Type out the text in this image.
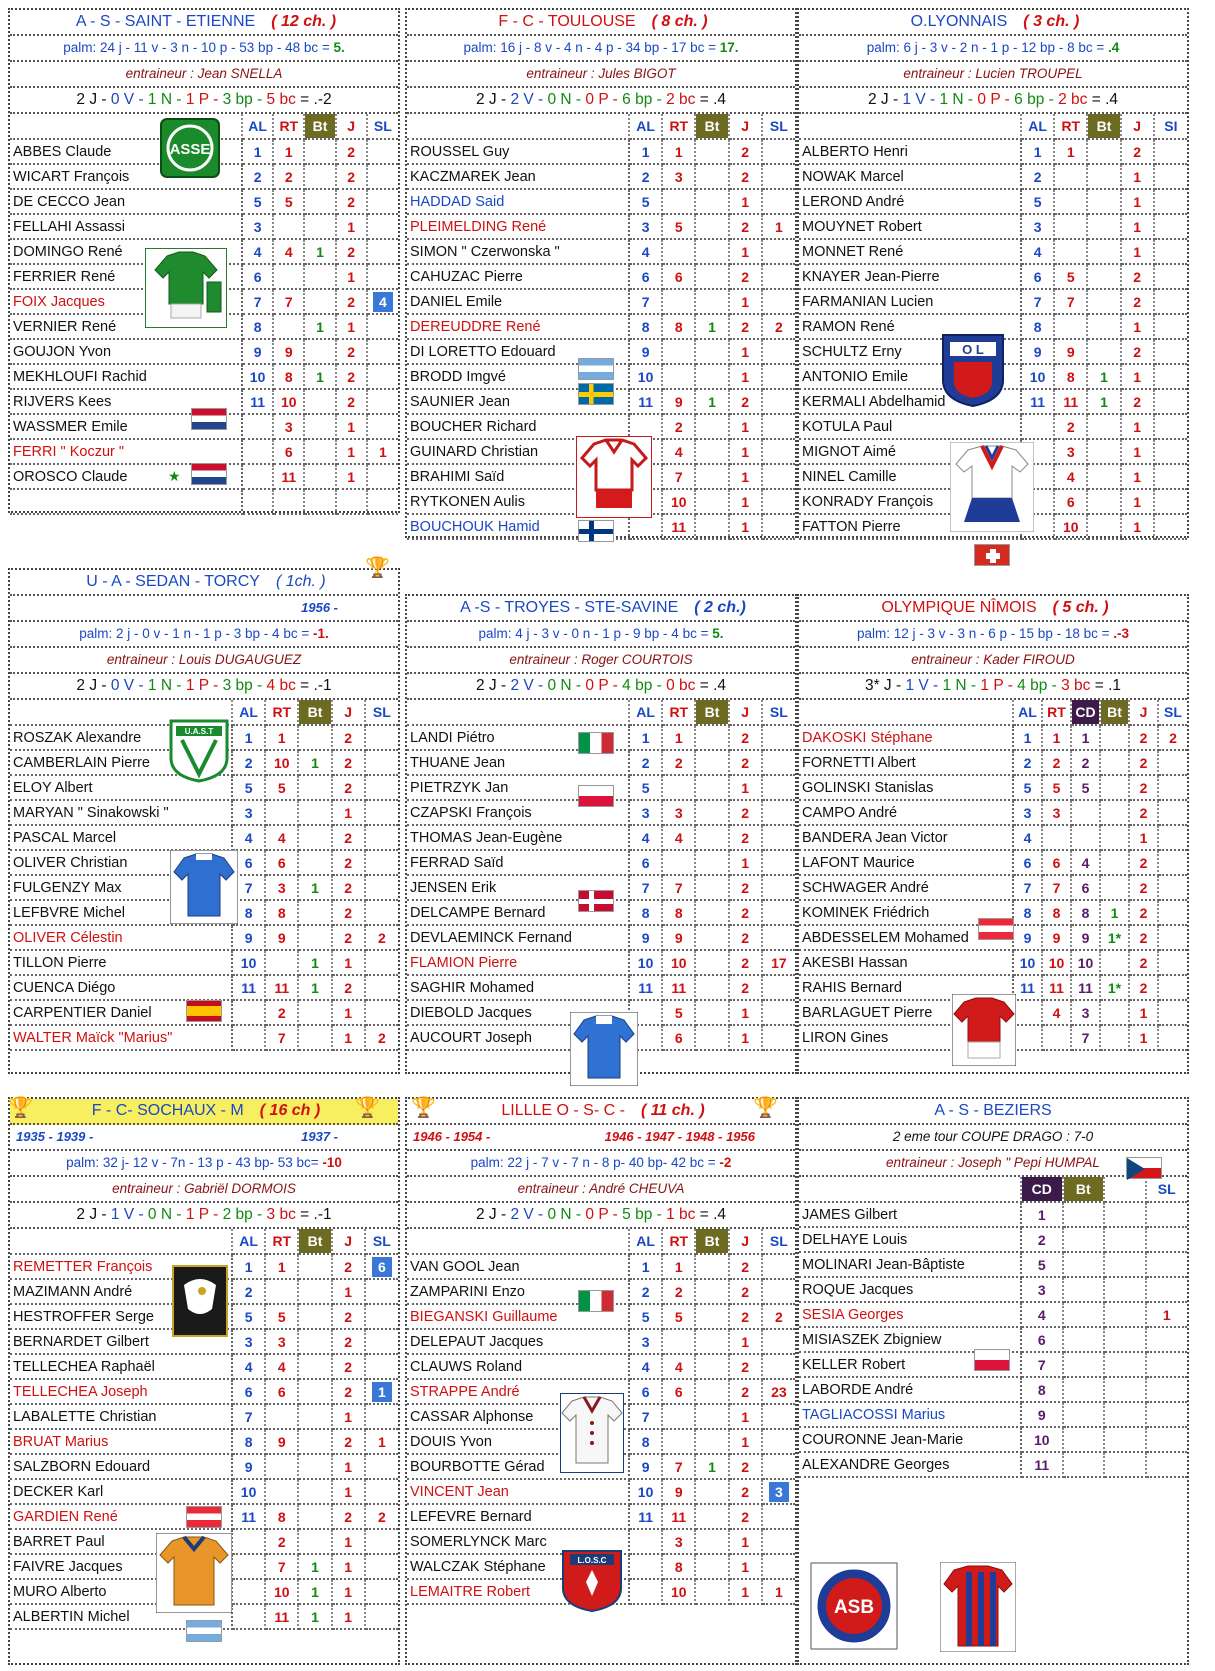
A - S - SAINT - ETIENNE ( 12 ch. )
palm: 24 j - 11 v - 3 n - 10 p - 53 bp - 48 bc = 5.
entraineur : Jean SNELLA
2 J - 0 V - 1 N - 1 P - 3 bp - 5 bc = .-2
	AL	RT	Bt	J	SL
ABBES Claude	1	1		2	
WICART François	2	2		2	
DE CECCO Jean	5	5		2	
FELLAHI Assassi	3			1	
DOMINGO René	4	4	1	2	
FERRIER René	6			1	
FOIX Jacques	7	7		2	4
VERNIER René	8		1	1	
GOUJON Yvon	9	9		2	
MEKHLOUFI Rachid	10	8	1	2	
RIJVERS Kees	11	10		2	
WASSMER Emile		3		1	
FERRI " Koczur "		6		1	1
OROSCO Claude		11		1	

F - C - TOULOUSE ( 8 ch. )
palm: 16 j - 8 v - 4 n - 4 p - 34 bp - 17 bc = 17.
entraineur : Jules BIGOT
2 J - 2 V - 0 N - 0 P - 6 bp - 2 bc = .4
	AL	RT	Bt	J	SL
ROUSSEL Guy	1	1		2	
KACZMAREK Jean	2	3		2	
HADDAD Said	5			1	
PLEIMELDING René	3	5		2	1
SIMON " Czerwonska "	4			1	
CAHUZAC Pierre	6	6		2	
DANIEL Emile	7			1	
DEREUDDRE René	8	8	1	2	2
DI LORETTO Edouard	9			1	
BRODD Imgvé	10			1	
SAUNIER Jean	11	9	1	2	
BOUCHER Richard		2		1	
GUINARD Christian		4		1	
BRAHIMI Saïd		7		1	
RYTKONEN Aulis		10		1	
BOUCHOUK Hamid		11		1	
O.LYONNAIS ( 3 ch. )
palm: 6 j - 3 v - 2 n - 1 p - 12 bp - 8 bc = .4
entraineur : Lucien TROUPEL
2 J - 1 V - 1 N - 0 P - 6 bp - 2 bc = .4
	AL	RT	Bt	J	SI
ALBERTO Henri	1	1		2	
NOWAK Marcel	2			1	
LEROND André	5			1	
MOUYNET Robert	3			1	
MONNET René	4			1	
KNAYER Jean-Pierre	6	5		2	
FARMANIAN Lucien	7	7		2	
RAMON René	8			1	
SCHULTZ Erny	9	9		2	
ANTONIO Emile	10	8	1	1	
KERMALI Abdelhamid	11	11	1	2	
KOTULA Paul		2		1	
MIGNOT Aimé		3		1	
NINEL Camille		4		1	
KONRADY François		6		1	
FATTON Pierre		10		1	
U - A - SEDAN - TORCY ( 1ch. )
1956 -
palm: 2 j - 0 v - 1 n - 1 p - 3 bp - 4 bc = -1.
entraineur : Louis DUGAUGUEZ
2 J - 0 V - 1 N - 1 P - 3 bp - 4 bc = .-1
	AL	RT	Bt	J	SL
ROSZAK Alexandre	1	1		2	
CAMBERLAIN Pierre	2	10	1	2	
ELOY Albert	5	5		2	
MARYAN " Sinakowski "	3			1	
PASCAL Marcel	4	4		2	
OLIVER Christian	6	6		2	
FULGENZY Max	7	3	1	2	
LEFBVRE Michel	8	8		2	
OLIVER Célestin	9	9		2	2
TILLON Pierre	10		1	1	
CUENCA Diégo	11	11	1	2	
CARPENTIER Daniel		2		1	
WALTER Maïck "Marius"		7		1	2
A -S - TROYES - STE-SAVINE ( 2 ch.)
palm: 4 j - 3 v - 0 n - 1 p - 9 bp - 4 bc = 5.
entraineur : Roger COURTOIS
2 J - 2 V - 0 N - 0 P - 4 bp - 0 bc = .4
	AL	RT	Bt	J	SL
LANDI Piétro	1	1		2	
THUANE Jean	2	2		2	
PIETRZYK Jan	5			1	
CZAPSKI François	3	3		2	
THOMAS Jean-Eugène	4	4		2	
FERRAD Saïd	6			1	
JENSEN Erik	7	7		2	
DELCAMPE Bernard	8	8		2	
DEVLAEMINCK Fernand	9	9		2	
FLAMION Pierre	10	10		2	17
SAGHIR Mohamed	11	11		2	
DIEBOLD Jacques		5		1	
AUCOURT Joseph		6		1	
OLYMPIQUE NÎMOIS ( 5 ch. )
palm: 12 j - 3 v - 3 n - 6 p - 15 bp - 18 bc = .-3
entraineur : Kader FIROUD
3* J - 1 V - 1 N - 1 P - 4 bp - 3 bc = .1
	AL	RT	CD	Bt	J	SL
DAKOSKI Stéphane	1	1	1		2	2
FORNETTI Albert	2	2	2		2	
GOLINSKI Stanislas	5	5	5		2	
CAMPO André	3	3			2	
BANDERA Jean Victor	4				1	
LAFONT Maurice	6	6	4		2	
SCHWAGER André	7	7	6		2	
KOMINEK Friédrich	8	8	8	1	2	
ABDESSELEM Mohamed	9	9	9	1*	2	
AKESBI Hassan	10	10	10		2	
RAHIS Bernard	11	11	11	1*	2	
BARLAGUET Pierre		4	3		1	
LIRON Gines			7		1	
F - C- SOCHAUX - M ( 16 ch )
1935 - 1939 -	1937 -
palm: 32 j- 12 v - 7n - 13 p - 43 bp- 53 bc= -10
entraineur : Gabriël DORMOIS
2 J - 1 V - 0 N - 1 P - 2 bp - 3 bc = .-1
	AL	RT	Bt	J	SL
REMETTER François	1	1		2	6
MAZIMANN André	2			1	
HESTROFFER Serge	5	5		2	
BERNARDET Gilbert	3	3		2	
TELLECHEA Raphaël	4	4		2	
TELLECHEA Joseph	6	6		2	1
LABALETTE Christian	7			1	
BRUAT Marius	8	9		2	1
SALZBORN Edouard	9			1	
DECKER Karl	10			1	
GARDIEN René	11	8		2	2
BARRET Paul		2		1	
FAIVRE Jacques		7	1	1	
MURO Alberto		10	1	1	
ALBERTIN Michel		11	1	1	
LILLLE O - S- C - ( 11 ch. )
1946 - 1954 -	1946 - 1947 - 1948 - 1956
palm: 22 j - 7 v - 7 n - 8 p- 40 bp- 42 bc = -2
entraineur : André CHEUVA
2 J - 2 V - 0 N - 0 P - 5 bp - 1 bc = .4
	AL	RT	Bt	J	SL
VAN GOOL Jean	1	1		2	
ZAMPARINI Enzo	2	2		2	
BIEGANSKI Guillaume	5	5		2	2
DELEPAUT Jacques	3			1	
CLAUWS Roland	4	4		2	
STRAPPE André	6	6		2	23
CASSAR Alphonse	7			1	
DOUIS Yvon	8			1	
BOURBOTTE Gérad	9	7	1	2	
VINCENT Jean	10	9		2	3
LEFEVRE Bernard	11	11		2	
SOMERLYNCK Marc		3		1	
WALCZAK Stéphane		8		1	
LEMAITRE Robert		10		1	1
A - S - BEZIERS
2 eme tour COUPE DRAGO : 7-0
entraineur : Joseph " Pepi HUMPAL
	CD	Bt		SL
JAMES Gilbert	1			
DELHAYE Louis	2			
MOLINARI Jean-Bâptiste	5			
ROQUE Jacques	3			
SESIA Georges	4			1
MISIASZEK Zbigniew	6			
KELLER Robert	7			
LABORDE André	8			
TAGLIACOSSI Marius	9			
COURONNE Jean-Marie	10			
ALEXANDRE Georges	11			
ASSE
★
O L
🏆
🏆	🏆 🏆	🏆
U.A.S.T
L.O.S.C
ASB
